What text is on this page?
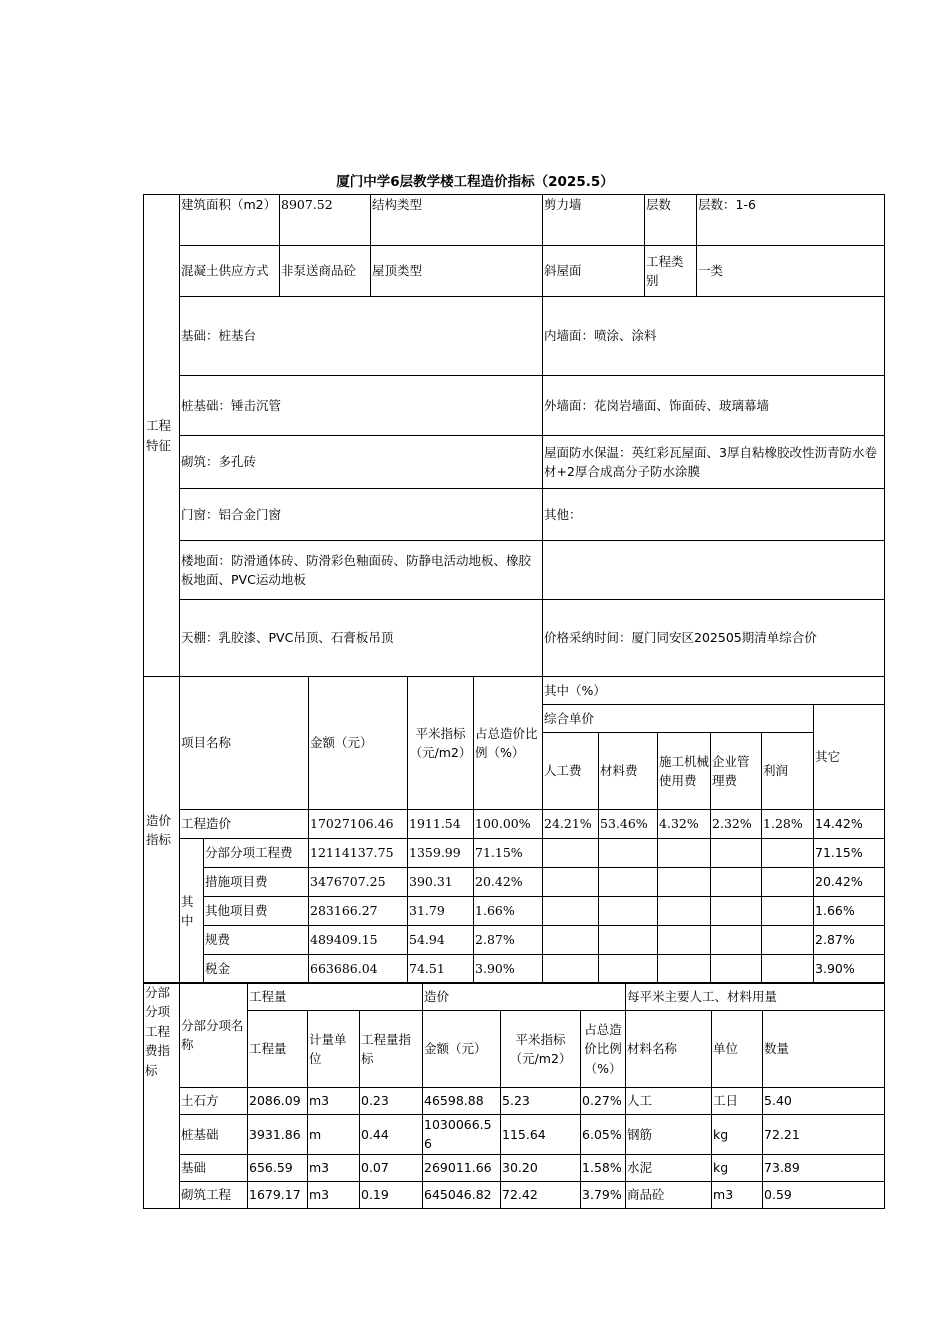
厦门中学6层教学楼工程造价指标（2025.5）
工程特征	建筑面积（m2）	8907.52	结构类型	剪力墙	层数	层数：1-6
	混凝土供应方式	非泵送商品砼	屋顶类型	斜屋面	工程类别	一类
	基础：桩基台			内墙面：喷涂、涂料		
	桩基础：锤击沉管			外墙面：花岗岩墙面、饰面砖、玻璃幕墙		
	砌筑：多孔砖			屋面防水保温：英红彩瓦屋面、3厚自粘橡胶改性沥青防水卷材+2厚合成高分子防水涂膜		
	门窗：铝合金门窗			其他：		
	楼地面：防滑通体砖、防滑彩色釉面砖、防静电活动地板、橡胶板地面、PVC运动地板					
	天棚：乳胶漆、PVC吊顶、石膏板吊顶			价格采纳时间：厦门同安区202505期清单综合价		
造价指标	项目名称		金额（元）	平米指标（元/m2）	占总造价比例（%）	其中（%）					
						综合单价					其它
						人工费	材料费	施工机械使用费	企业管理费	利润	
	工程造价		17027106.46	1911.54	100.00%	24.21%	53.46%	4.32%	2.32%	1.28%	14.42%
	其中	分部分项工程费	12114137.75	1359.99	71.15%						71.15%
		措施项目费	3476707.25	390.31	20.42%						20.42%
		其他项目费	283166.27	31.79	1.66%						1.66%
		规费	489409.15	54.94	2.87%						2.87%
		税金	663686.04	74.51	3.90%						3.90%
分部分项工程费指标	分部分项名称	工程量			造价			每平米主要人工、材料用量		
		工程量	计量单位	工程量指标	金额（元）	平米指标（元/m2）	占总造价比例（%）	材料名称	单位	数量

	土石方	2086.09	m3	0.23	46598.88	5.23	0.27%	人工	工日	5.40
	桩基础	3931.86	m	0.44	1030066.56	115.64	6.05%	钢筋	kg	72.21
	基础	656.59	m3	0.07	269011.66	30.20	1.58%	水泥	kg	73.89
	砌筑工程	1679.17	m3	0.19	645046.82	72.42	3.79%	商品砼	m3	0.59
